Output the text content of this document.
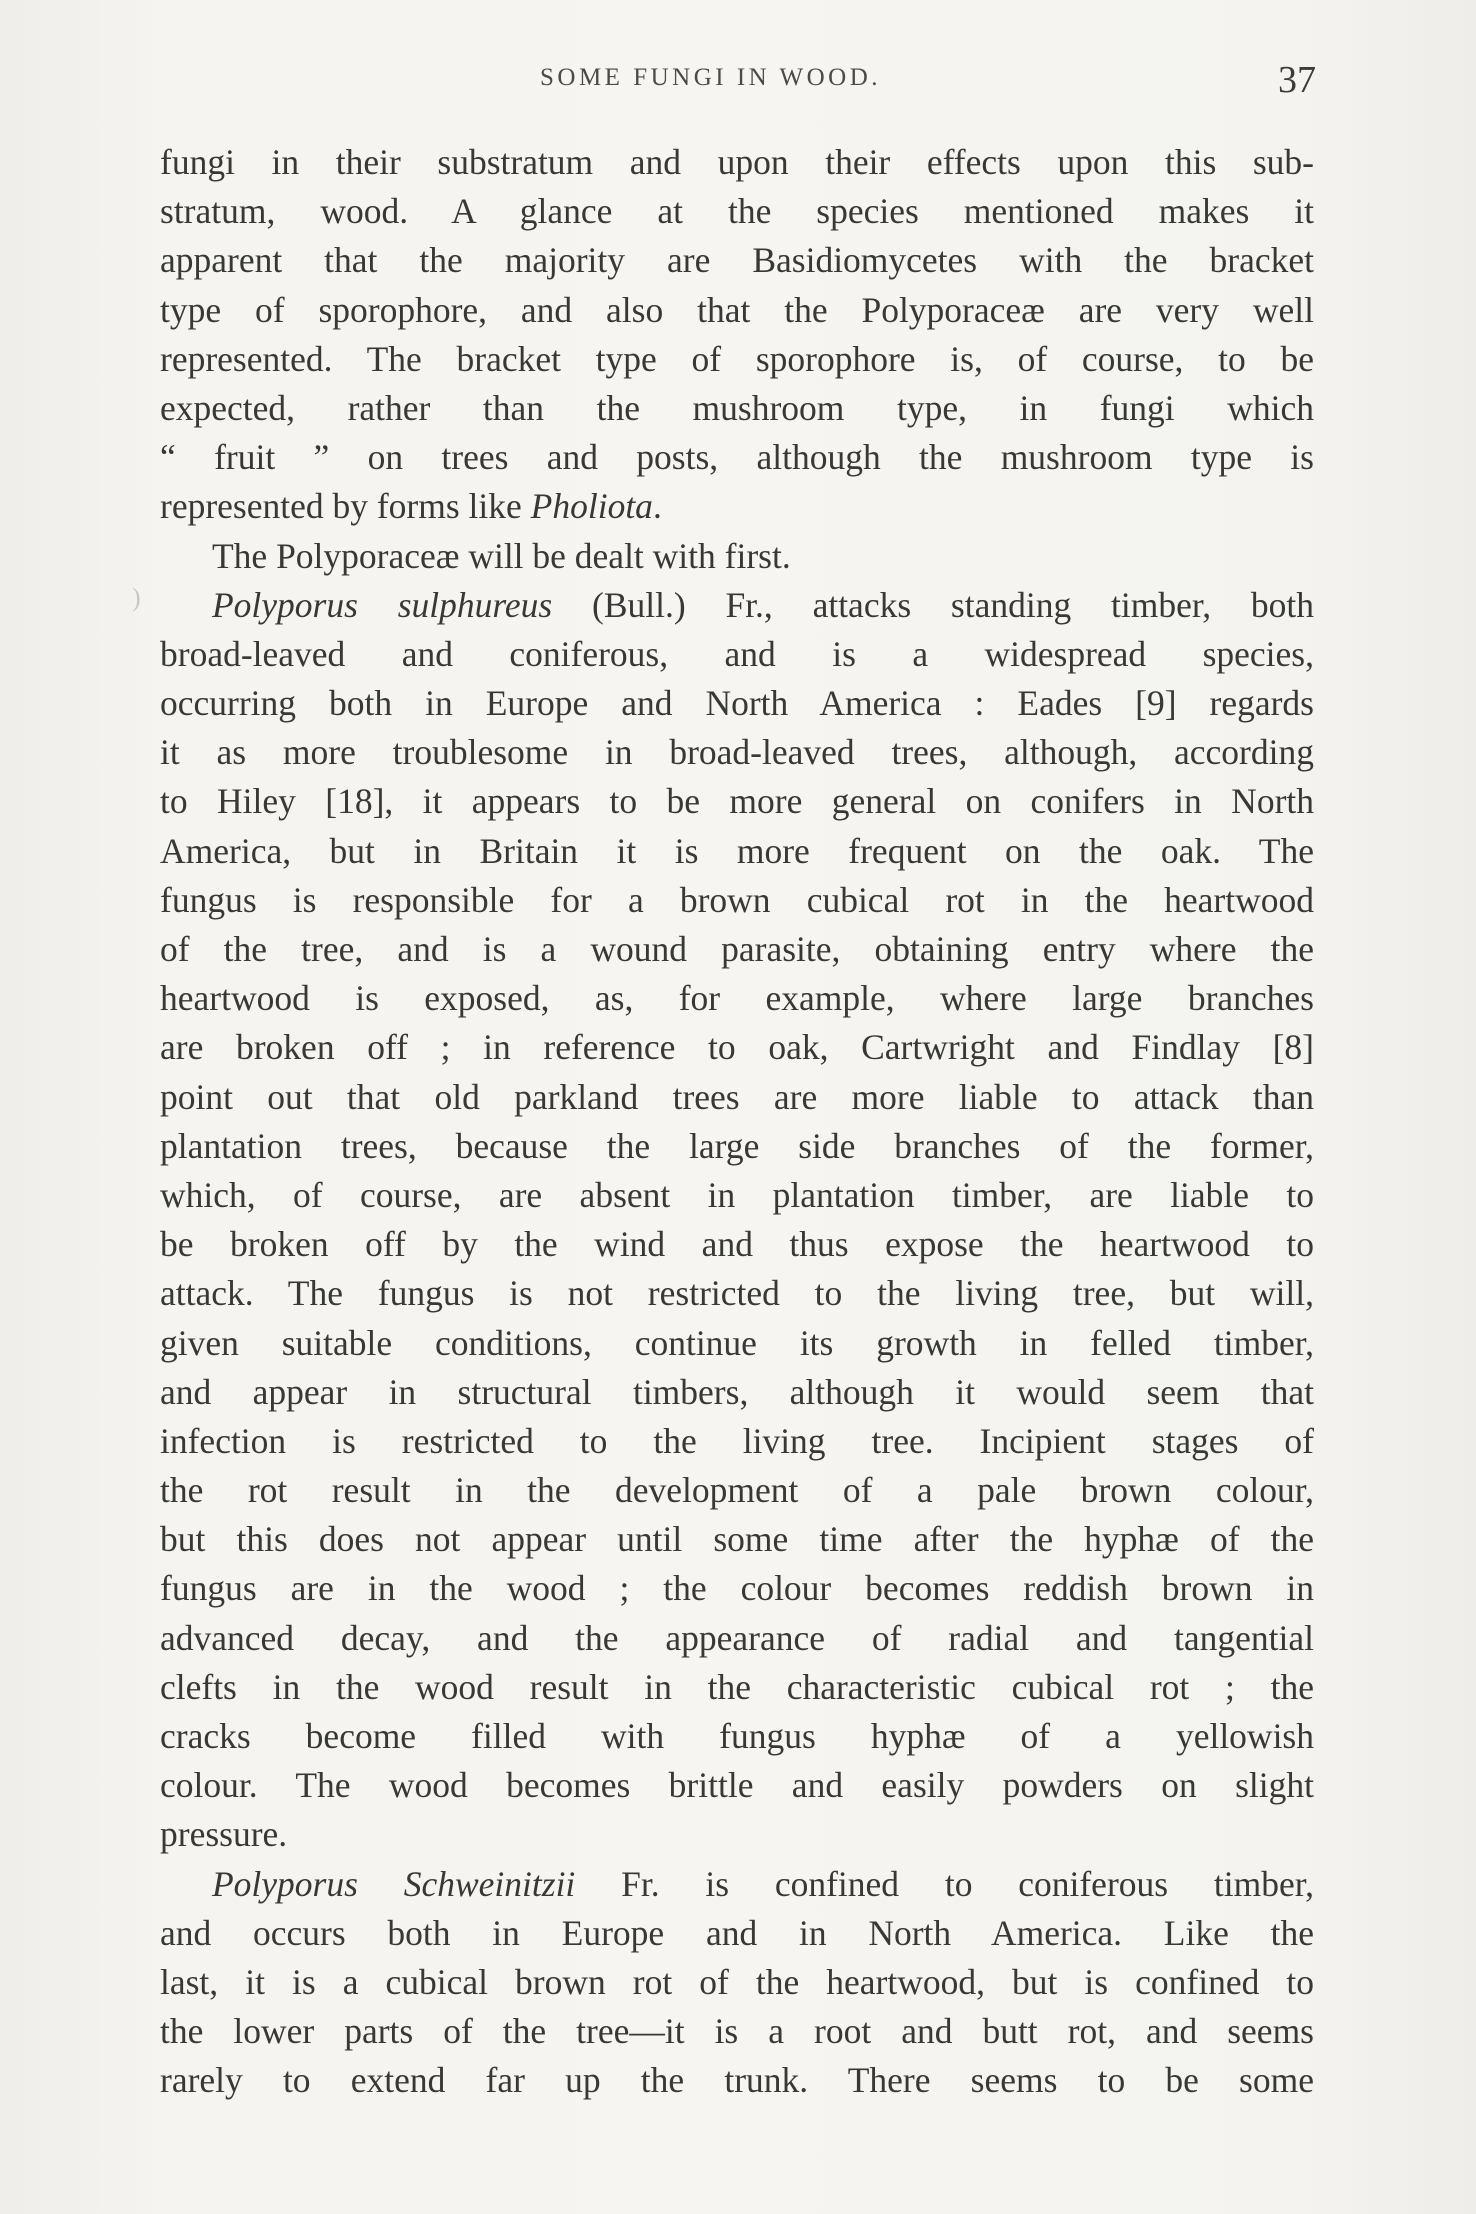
SOME FUNGI IN WOOD.	37
)
fungi in their substratum and upon their effects upon this sub-
stratum, wood. A glance at the species mentioned makes it
apparent that the majority are Basidiomycetes with the bracket
type of sporophore, and also that the Polyporaceæ are very well
represented. The bracket type of sporophore is, of course, to be
expected, rather than the mushroom type, in fungi which
“ fruit ” on trees and posts, although the mushroom type is
represented by forms like Pholiota.
The Polyporaceæ will be dealt with first.
Polyporus sulphureus (Bull.) Fr., attacks standing timber, both
broad-leaved and coniferous, and is a widespread species,
occurring both in Europe and North America : Eades [9] regards
it as more troublesome in broad-leaved trees, although, according
to Hiley [18], it appears to be more general on conifers in North
America, but in Britain it is more frequent on the oak. The
fungus is responsible for a brown cubical rot in the heartwood
of the tree, and is a wound parasite, obtaining entry where the
heartwood is exposed, as, for example, where large branches
are broken off ; in reference to oak, Cartwright and Findlay [8]
point out that old parkland trees are more liable to attack than
plantation trees, because the large side branches of the former,
which, of course, are absent in plantation timber, are liable to
be broken off by the wind and thus expose the heartwood to
attack. The fungus is not restricted to the living tree, but will,
given suitable conditions, continue its growth in felled timber,
and appear in structural timbers, although it would seem that
infection is restricted to the living tree. Incipient stages of
the rot result in the development of a pale brown colour,
but this does not appear until some time after the hyphæ of the
fungus are in the wood ; the colour becomes reddish brown in
advanced decay, and the appearance of radial and tangential
clefts in the wood result in the characteristic cubical rot ; the
cracks become filled with fungus hyphæ of a yellowish
colour. The wood becomes brittle and easily powders on slight
pressure.
Polyporus Schweinitzii Fr. is confined to coniferous timber,
and occurs both in Europe and in North America. Like the
last, it is a cubical brown rot of the heartwood, but is confined to
the lower parts of the tree—it is a root and butt rot, and seems
rarely to extend far up the trunk. There seems to be some
